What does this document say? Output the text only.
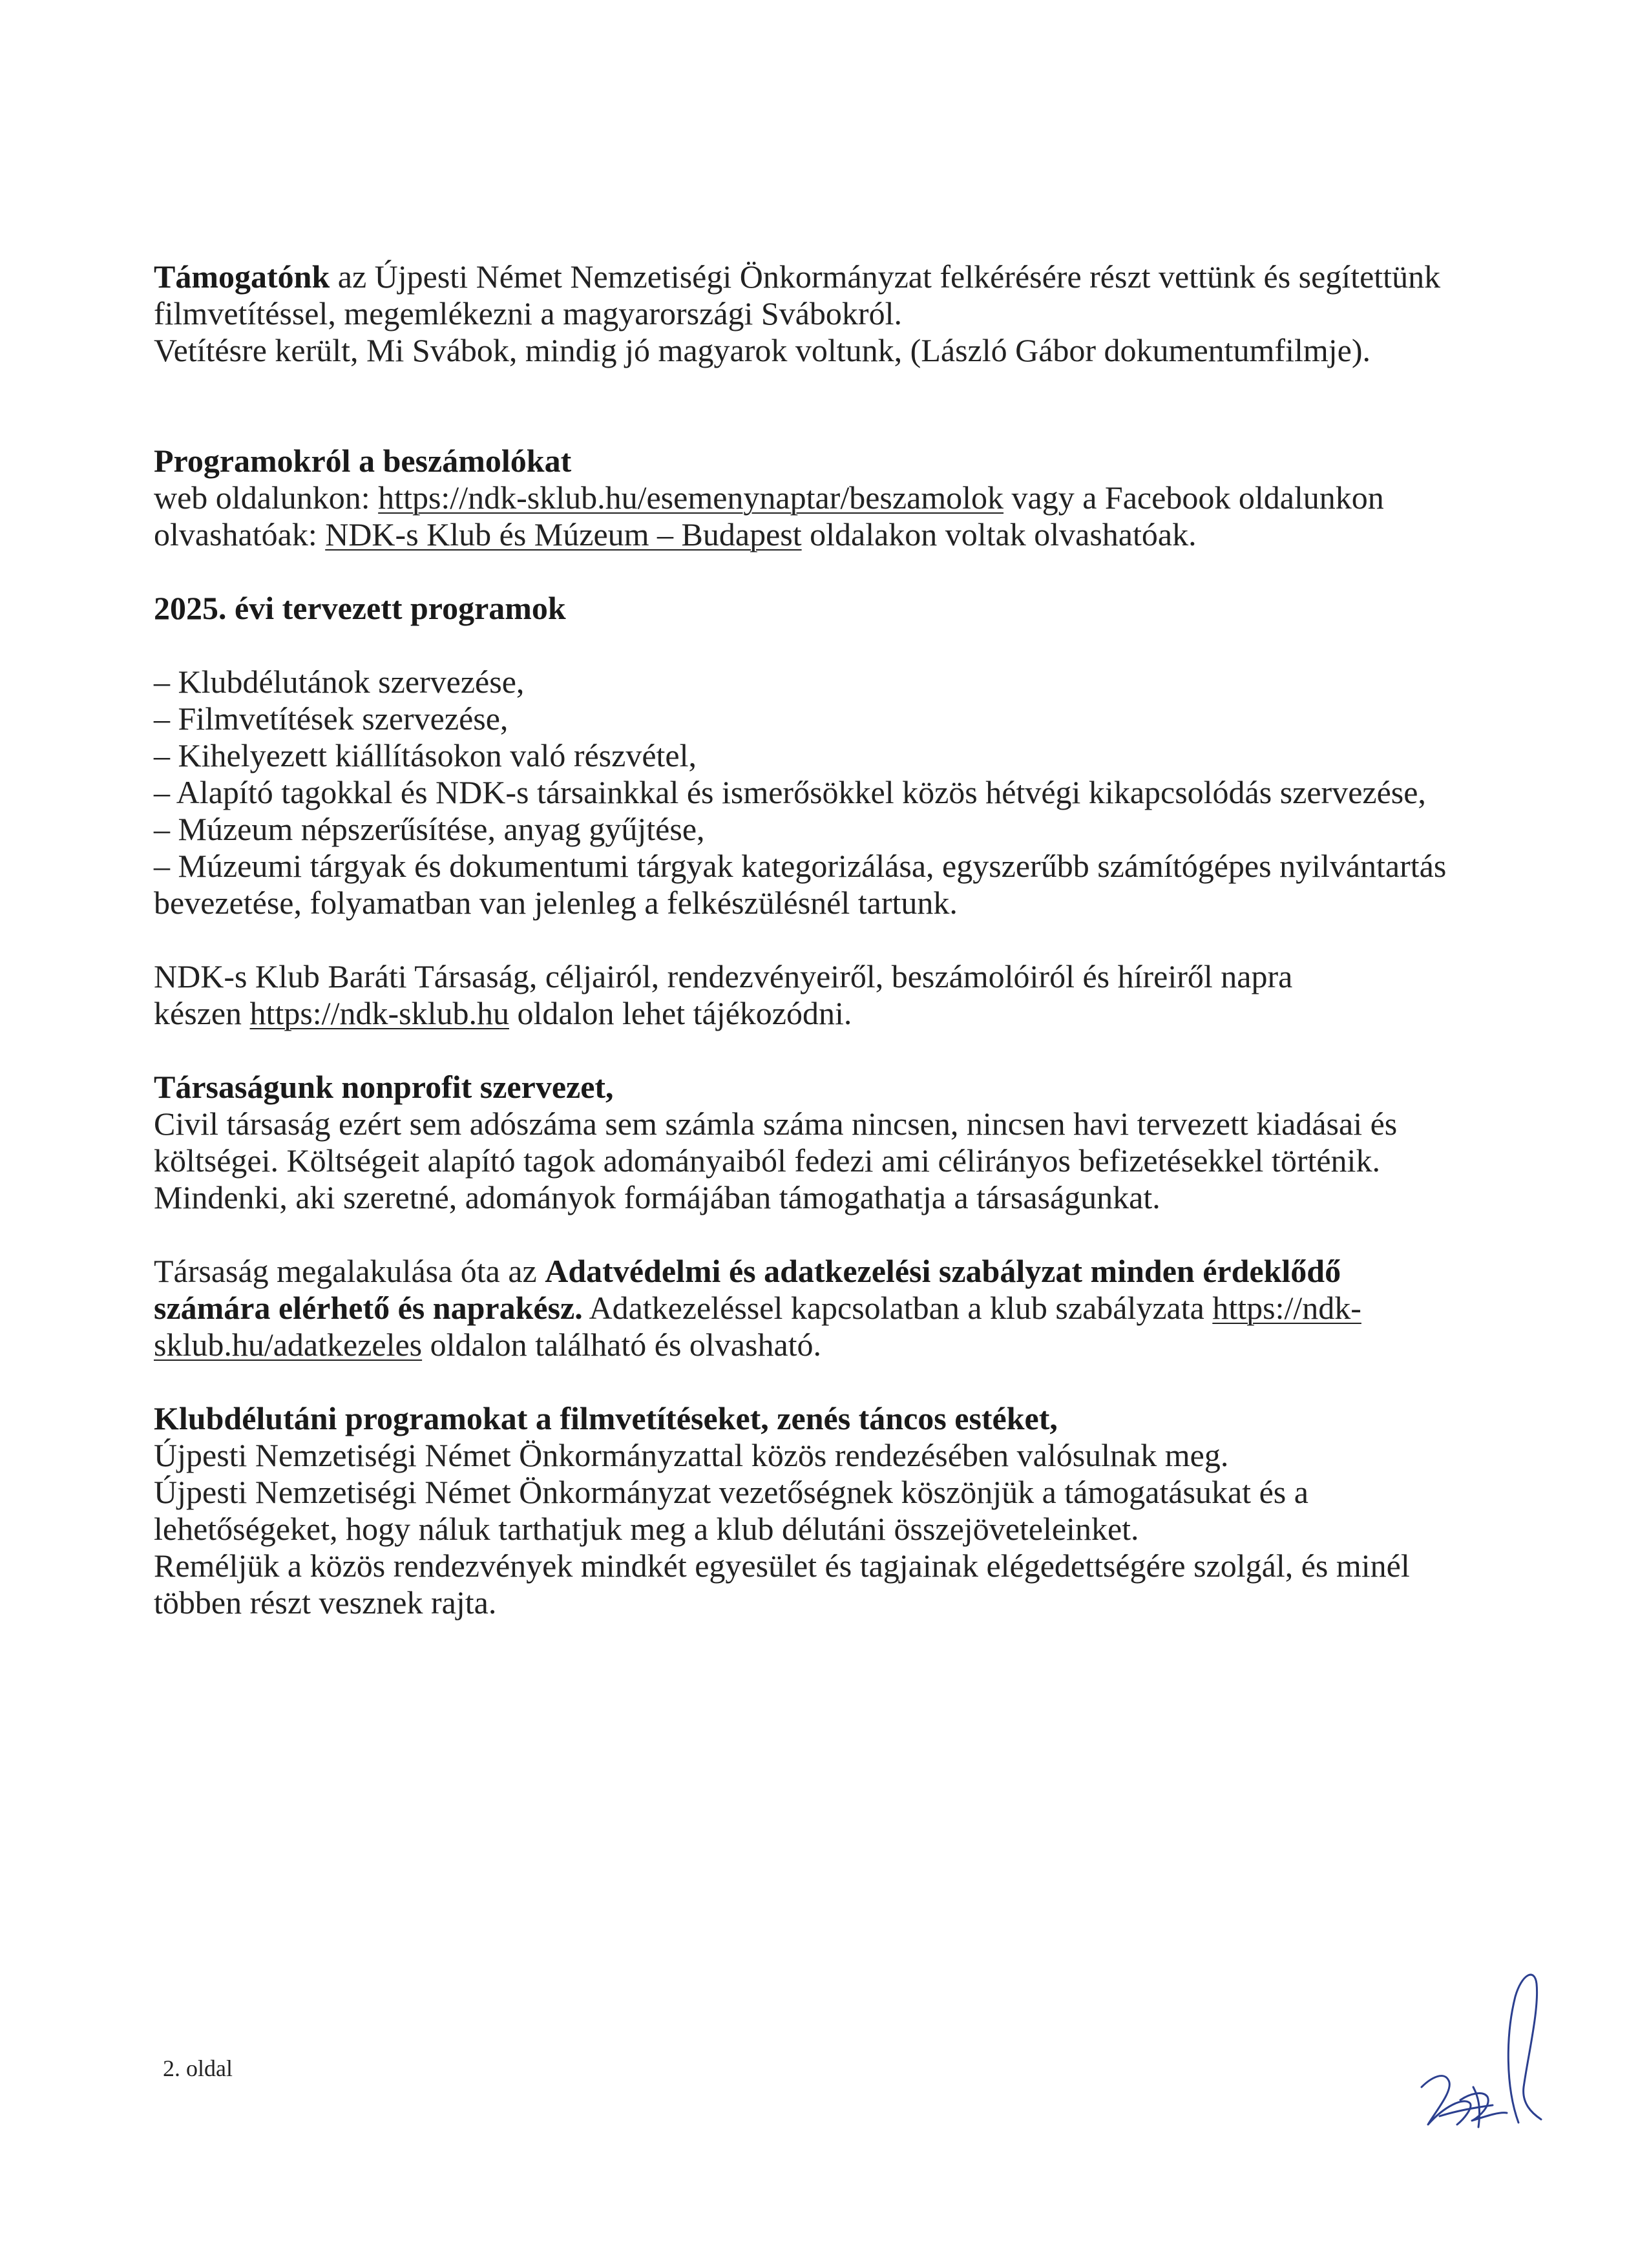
Támogatónk az Újpesti Német Nemzetiségi Önkormányzat felkérésére részt vettünk és segítettünk
filmvetítéssel, megemlékezni a magyarországi Svábokról.
Vetítésre került, Mi Svábok, mindig jó magyarok voltunk, (László Gábor dokumentumfilmje).

Programokról a beszámolókat
web oldalunkon: https://ndk-sklub.hu/esemenynaptar/beszamolok vagy a Facebook oldalunkon
olvashatóak: NDK-s Klub és Múzeum – Budapest oldalakon voltak olvashatóak.

2025. évi tervezett programok

– Klubdélutánok szervezése,
– Filmvetítések szervezése,
– Kihelyezett kiállításokon való részvétel,
– Alapító tagokkal és NDK-s társainkkal és ismerősökkel közös hétvégi kikapcsolódás szervezése,
– Múzeum népszerűsítése, anyag gyűjtése,
– Múzeumi tárgyak és dokumentumi tárgyak kategorizálása, egyszerűbb számítógépes nyilvántartás
bevezetése, folyamatban van jelenleg a felkészülésnél tartunk.

NDK-s Klub Baráti Társaság, céljairól, rendezvényeiről, beszámolóiról és híreiről napra
készen https://ndk-sklub.hu oldalon lehet tájékozódni.

Társaságunk nonprofit szervezet,
Civil társaság ezért sem adószáma sem számla száma nincsen, nincsen havi tervezett kiadásai és
költségei. Költségeit alapító tagok adományaiból fedezi ami célirányos befizetésekkel történik.
Mindenki, aki szeretné, adományok formájában támogathatja a társaságunkat.

Társaság megalakulása óta az Adatvédelmi és adatkezelési szabályzat minden érdeklődő
számára elérhető és naprakész. Adatkezeléssel kapcsolatban a klub szabályzata https://ndk-
sklub.hu/adatkezeles oldalon található és olvasható.

Klubdélutáni programokat a filmvetítéseket, zenés táncos estéket,
Újpesti Nemzetiségi Német Önkormányzattal közös rendezésében valósulnak meg.
Újpesti Nemzetiségi Német Önkormányzat vezetőségnek köszönjük a támogatásukat és a
lehetőségeket, hogy náluk tarthatjuk meg a klub délutáni összejöveteleinket.
Reméljük a közös rendezvények mindkét egyesület és tagjainak elégedettségére szolgál, és minél
többen részt vesznek rajta.

2. oldal
